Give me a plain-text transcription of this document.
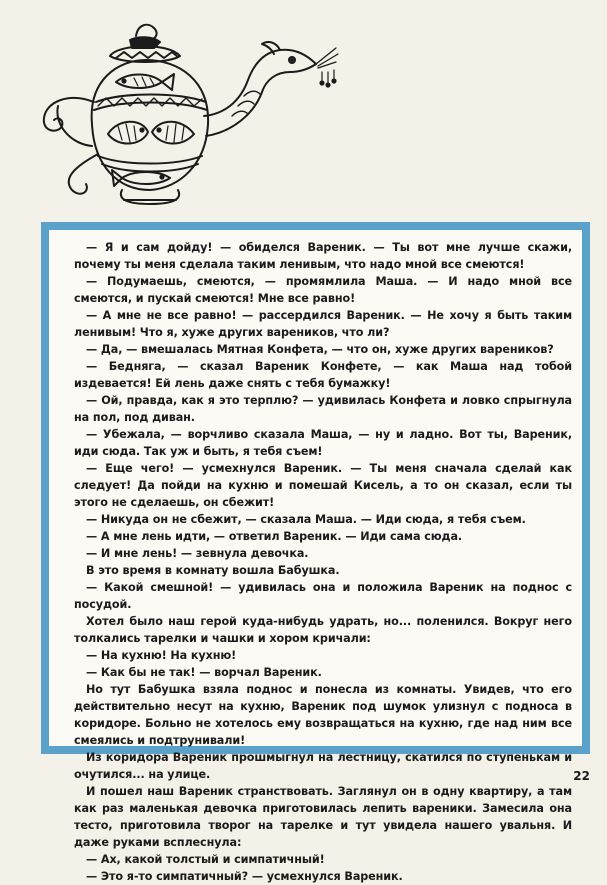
— Я и сам дойду! — обиделся Вареник. — Ты вот мне лучше скажи, почему ты меня сделала таким ленивым, что надо мной все смеются!

— Подумаешь, смеются, — промямлила Маша. — И надо мной все смеются, и пускай смеются! Мне все равно!

— А мне не все равно! — рассердился Вареник. — Не хочу я быть таким ленивым! Что я, хуже других вареников, что ли?

— Да, — вмешалась Мятная Конфета, — что он, хуже других вареников?

— Бедняга, — сказал Вареник Конфете, — как Маша над тобой издевается! Ей лень даже снять с тебя бумажку!

— Ой, правда, как я это терплю? — удивилась Конфета и ловко спрыгнула на пол, под диван.

— Убежала, — ворчливо сказала Маша, — ну и ладно. Вот ты, Вареник, иди сюда. Так уж и быть, я тебя съем!

— Еще чего! — усмехнулся Вареник. — Ты меня сначала сделай как следует! Да пойди на кухню и помешай Кисель, а то он сказал, если ты этого не сделаешь, он сбежит!

— Никуда он не сбежит, — сказала Маша. — Иди сюда, я тебя съем.

— А мне лень идти, — ответил Вареник. — Иди сама сюда.

— И мне лень! — зевнула девочка.

В это время в комнату вошла Бабушка.

— Какой смешной! — удивилась она и положила Вареник на поднос с посудой.

Хотел было наш герой куда-нибудь удрать, но... поленился. Вокруг него толкались тарелки и чашки и хором кричали:

— На кухню! На кухню!

— Как бы не так! — ворчал Вареник.

Но тут Бабушка взяла поднос и понесла из комнаты. Увидев, что его действительно несут на кухню, Вареник под шумок улизнул с подноса в коридоре. Больно не хотелось ему возвращаться на кухню, где над ним все смеялись и подтрунивали!

Из коридора Вареник прошмыгнул на лестницу, скатился по ступенькам и очутился... на улице.

И пошел наш Вареник странствовать. Заглянул он в одну квартиру, а там как раз маленькая девочка приготовилась лепить вареники. Замесила она тесто, приготовила творог на тарелке и тут увидела нашего увальня. И даже руками всплеснула:

— Ах, какой толстый и симпатичный!

— Это я-то симпатичный? — усмехнулся Вареник.

22
